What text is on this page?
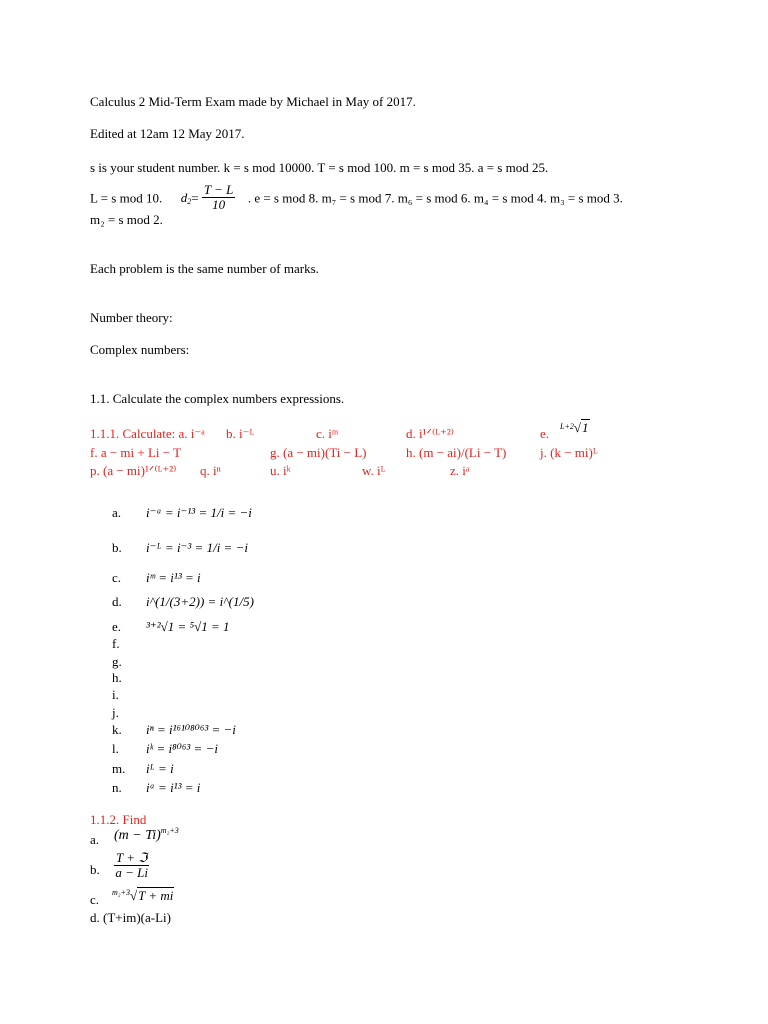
Calculus 2 Mid-Term Exam made by Michael in May of 2017.
Edited at 12am 12 May 2017.
s is your student number. k = s mod 10000. T = s mod 100. m = s mod 35. a = s mod 25.
L = s mod 10. $d2= \frac{T - L}{10}$ . e = s mod 8. m₇ = s mod 7. m₆ = s mod 6. m₄ = s mod 4. m₃ = s mod 3.
m₂ = s mod 2.
Each problem is the same number of marks.
Number theory:
Complex numbers:
1.1. Calculate the complex numbers expressions.
1.1.1. Calculate: a. i⁻ᵃ b. i⁻ᴸ	c. iᵐ	d. i¹ᐟ⁽ᴸ⁺²⁾	e. $^{L+2}$√1
f. a − mi + Li − T	g. (a − mi)(Ti − L)	h. (m − ai)/(Li − T)	j. (k − mi)ᴸ
p. (a − mi)¹ᐟ⁽ᴸ⁺²⁾ q. iⁿ	u. iᵏ	w. iᴸ	z. iᵃ
a. i⁻ᵃ = i⁻¹³ = 1/i = −i
b. i⁻ᴸ = i⁻³ = 1/i = −i
c. iᵐ = i¹³ = i
d. i^(1/(3+2)) = i^(1/5)
e. ³⁺²√1 = ⁵√1 = 1
f.
g.
h.
i.
j.
k. iⁿ = i¹⁶¹⁰⁸⁰⁶³ = −i
l. iᵏ = i⁸⁰⁶³ = −i
m. iᴸ = i
n. iᵃ = i¹³ = i
1.1.2. Find
a. $(m - Ti)^{m_2+3}$
b. $\frac{\text{T + ℑ}}{a - Li}$
c. $^{m_2+3}$√T + mi
d. (T+im)(a-Li)
